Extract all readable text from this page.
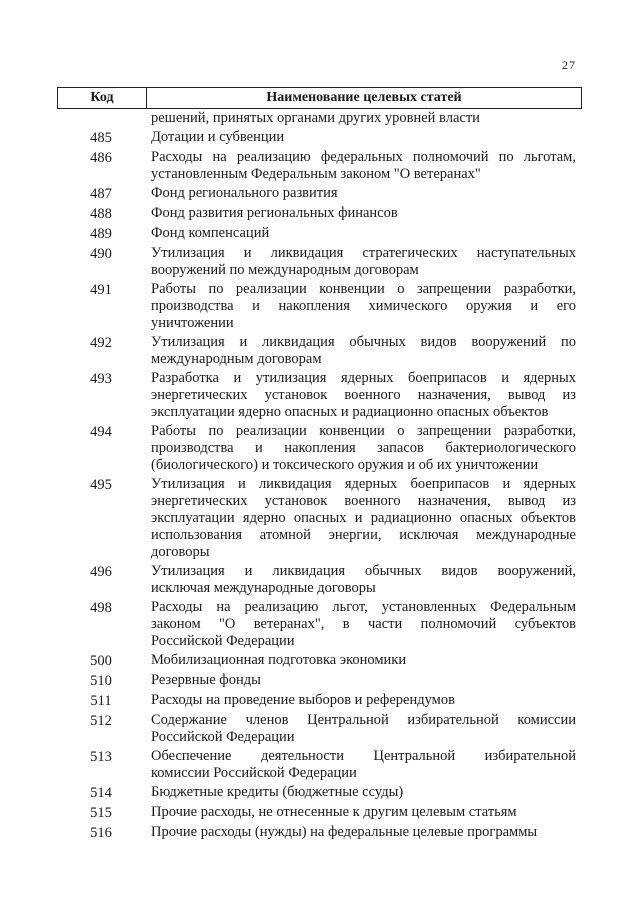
27
Код	Наименование целевых статей
решений, принятых органами других уровней власти
485	Дотации и субвенции
486	Расходы на реализацию федеральных полномочий по льготам,
установленным Федеральным законом "О ветеранах"
487	Фонд регионального развития
488	Фонд развития региональных финансов
489	Фонд компенсаций
490	Утилизация и ликвидация стратегических наступательных
вооружений по международным договорам
491	Работы по реализации конвенции о запрещении разработки,
производства и накопления химического оружия и его
уничтожении
492	Утилизация и ликвидация обычных видов вооружений по
международным договорам
493	Разработка и утилизация ядерных боеприпасов и ядерных
энергетических установок военного назначения, вывод из
эксплуатации ядерно опасных и радиационно опасных объектов
494	Работы по реализации конвенции о запрещении разработки,
производства и накопления запасов бактериологического
(биологического) и токсического оружия и об их уничтожении
495	Утилизация и ликвидация ядерных боеприпасов и ядерных
энергетических установок военного назначения, вывод из
эксплуатации ядерно опасных и радиационно опасных объектов
использования атомной энергии, исключая международные
договоры
496	Утилизация и ликвидация обычных видов вооружений,
исключая международные договоры
498	Расходы на реализацию льгот, установленных Федеральным
законом "О ветеранах", в части полномочий субъектов
Российской Федерации
500	Мобилизационная подготовка экономики
510	Резервные фонды
511	Расходы на проведение выборов и референдумов
512	Содержание членов Центральной избирательной комиссии
Российской Федерации
513	Обеспечение деятельности Центральной избирательной
комиссии Российской Федерации
514	Бюджетные кредиты (бюджетные ссуды)
515	Прочие расходы, не отнесенные к другим целевым статьям
516	Прочие расходы (нужды) на федеральные целевые программы
